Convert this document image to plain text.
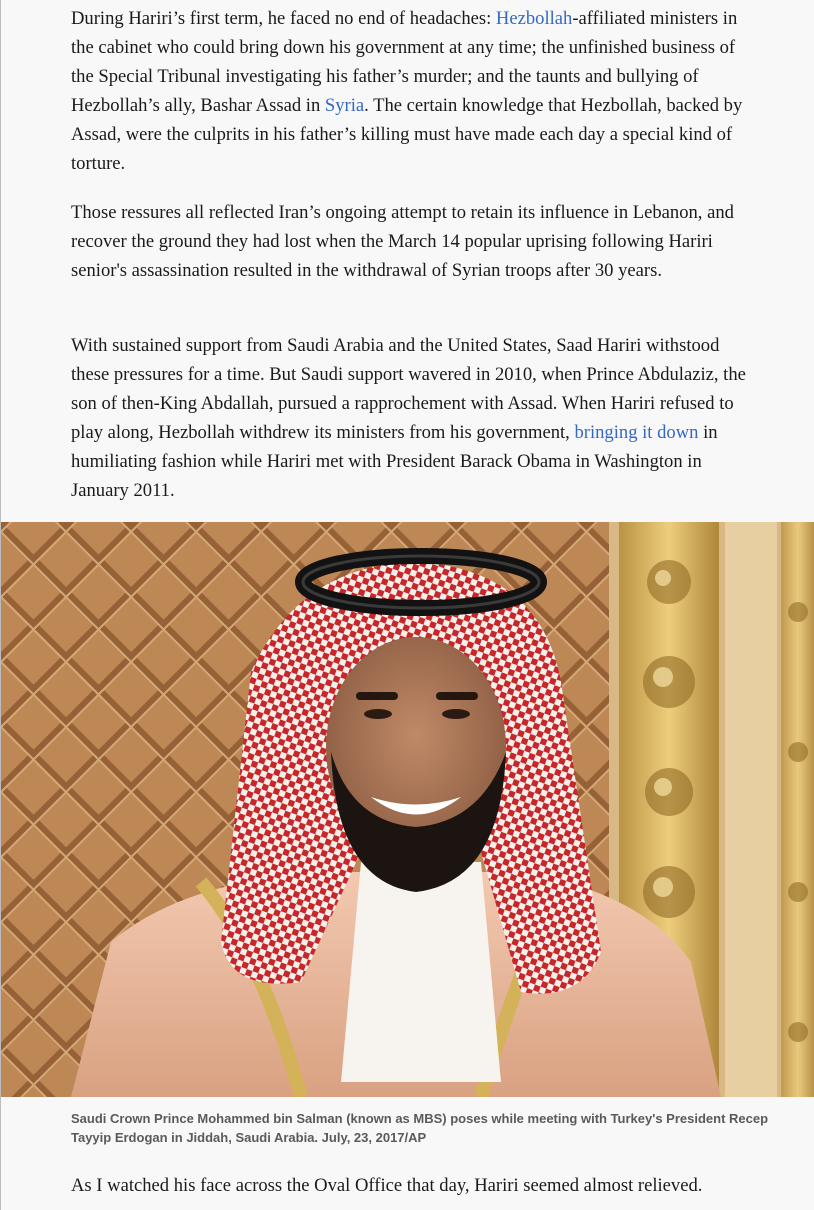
During Hariri’s first term, he faced no end of headaches: Hezbollah-affiliated ministers in the cabinet who could bring down his government at any time; the unfinished business of the Special Tribunal investigating his father’s murder; and the taunts and bullying of Hezbollah’s ally, Bashar Assad in Syria. The certain knowledge that Hezbollah, backed by Assad, were the culprits in his father’s killing must have made each day a special kind of torture.

Those ressures all reflected Iran’s ongoing attempt to retain its influence in Lebanon, and recover the ground they had lost when the March 14 popular uprising following Hariri senior's assassination resulted in the withdrawal of Syrian troops after 30 years.

With sustained support from Saudi Arabia and the United States, Saad Hariri withstood these pressures for a time. But Saudi support wavered in 2010, when Prince Abdulaziz, the son of then-King Abdallah, pursued a rapprochement with Assad. When Hariri refused to play along, Hezbollah withdrew its ministers from his government, bringing it down in humiliating fashion while Hariri met with President Barack Obama in Washington in January 2011.

Saudi Crown Prince Mohammed bin Salman (known as MBS) poses while meeting with Turkey's President Recep Tayyip Erdogan in Jiddah, Saudi Arabia. July, 23, 2017/AP

As I watched his face across the Oval Office that day, Hariri seemed almost relieved.
